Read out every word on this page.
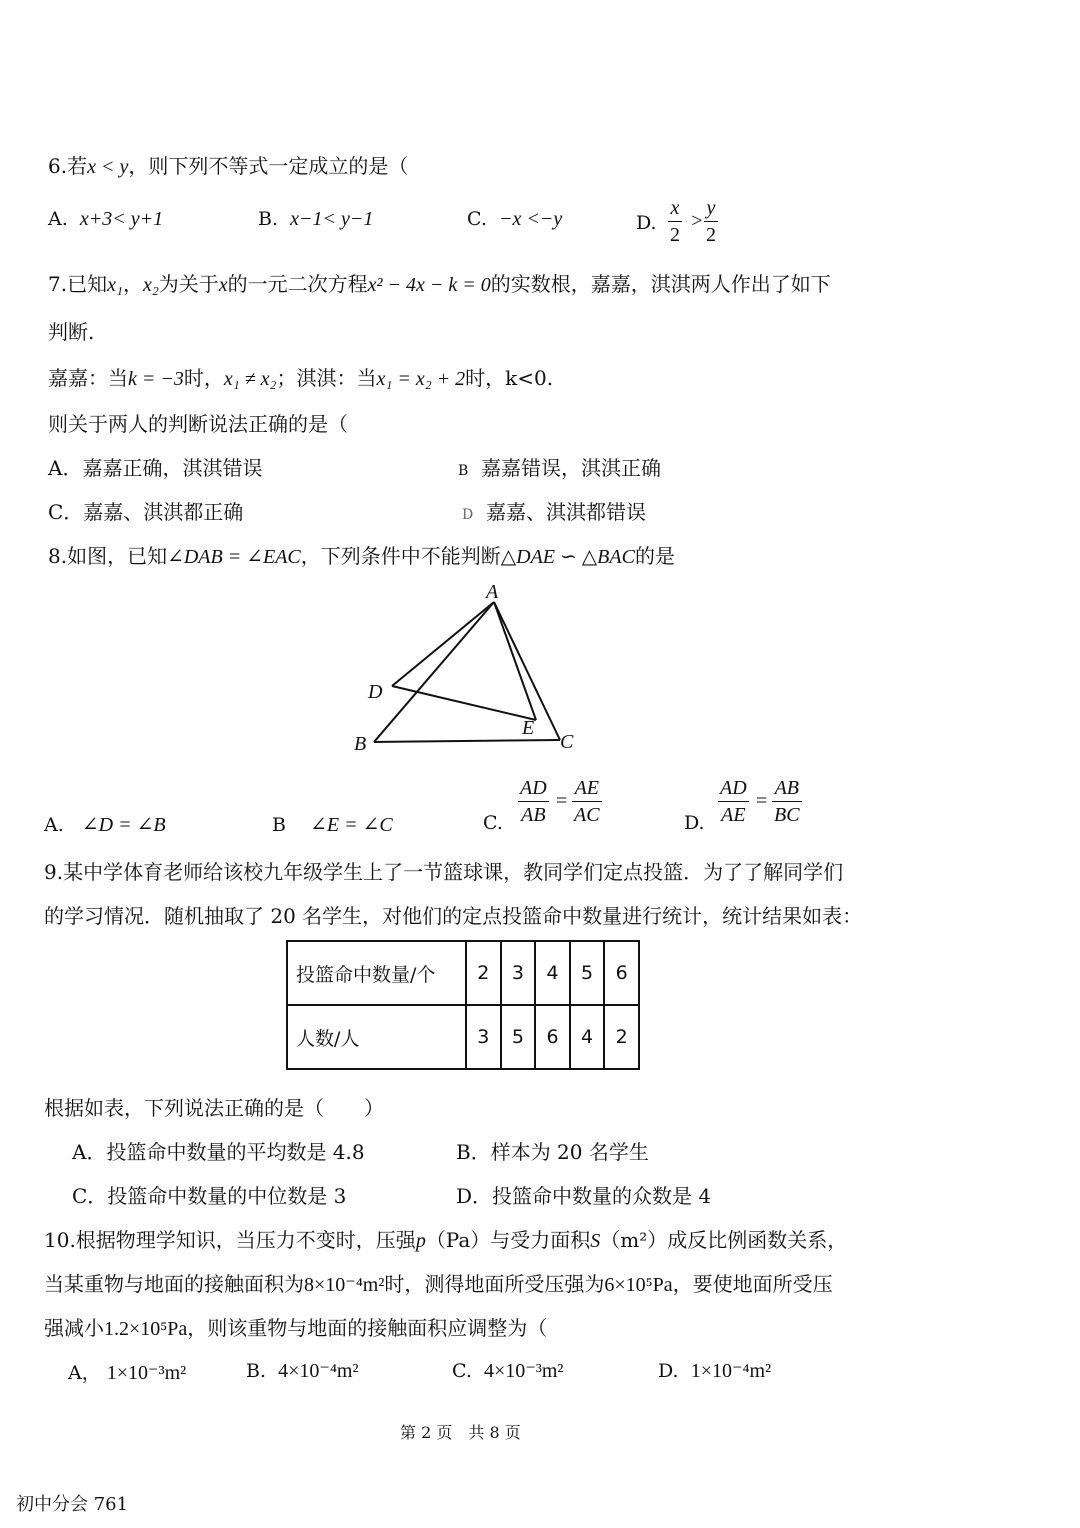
6.若x < y，则下列不等式一定成立的是（
A. x+3< y+1	B. x−1< y−1	C. −x <−y	D.
x
2
>
y
2
7.已知x₁，x₂为关于x的一元二次方程x² − 4x − k = 0的实数根，嘉嘉，淇淇两人作出了如下
判断.
嘉嘉：当k = −3时，x₁ ≠ x₂；淇淇：当x₁ = x₂ + 2时，k<0.
则关于两人的判断说法正确的是（
A．嘉嘉正确，淇淇错误	B 嘉嘉错误，淇淇正确
C．嘉嘉、淇淇都正确	D 嘉嘉、淇淇都错误
8.如图，已知∠DAB = ∠EAC，下列条件中不能判断△DAE ∽ △BAC的是
A
B	C
D
E
A. ∠D = ∠B	B ∠E = ∠C	C.
AD
AB
=
AE
AC	D.
AD
AE
=
AB
BC
9.某中学体育老师给该校九年级学生上了一节篮球课，教同学们定点投篮．为了了解同学们
的学习情况．随机抽取了 20 名学生，对他们的定点投篮命中数量进行统计，统计结果如表：
投篮命中数量/个	2	3	4	5	6
人数/人	3	5	6	4	2
根据如表，下列说法正确的是（　　）
A．投篮命中数量的平均数是 4.8	B．样本为 20 名学生
C．投篮命中数量的中位数是 3	D．投篮命中数量的众数是 4
10.根据物理学知识，当压力不变时，压强p（Pa）与受力面积S（m²）成反比例函数关系，
当某重物与地面的接触面积为8×10⁻⁴m²时，测得地面所受压强为6×10⁵Pa，要使地面所受压
强减小1.2×10⁵Pa，则该重物与地面的接触面积应调整为（
A， 1×10⁻³m²	B. 4×10⁻⁴m²	C. 4×10⁻³m²	D. 1×10⁻⁴m²
第 2 页　共 8 页
初中分会 761
